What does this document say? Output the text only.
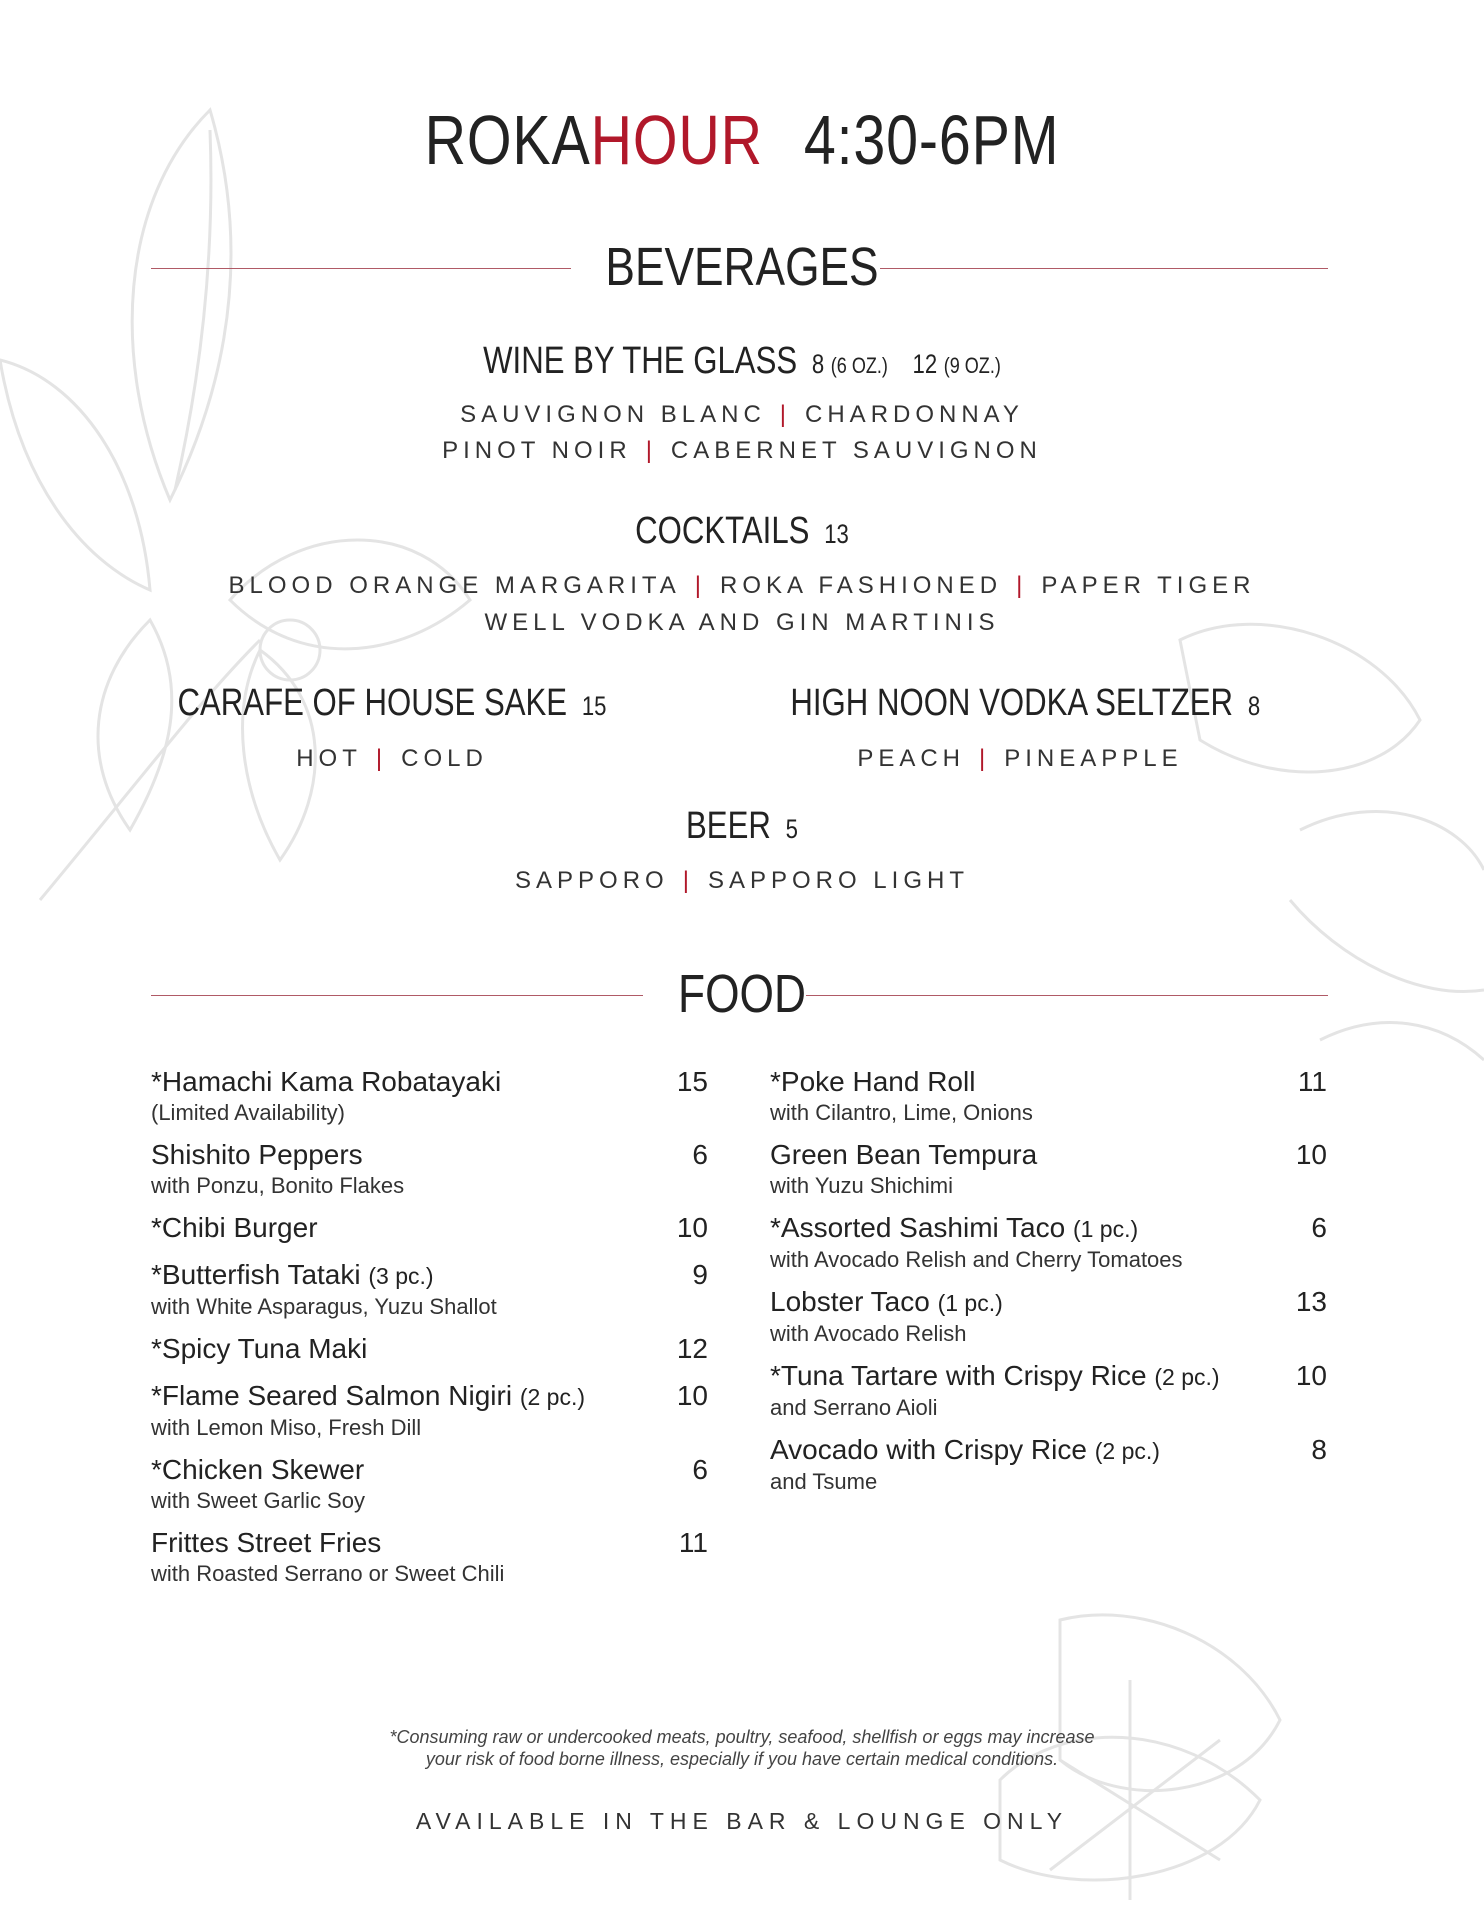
ROKAHOUR 4:30-6PM
BEVERAGES
WINE BY THE GLASS 8 (6 OZ.) 12 (9 OZ.)
SAUVIGNON BLANC | CHARDONNAY
PINOT NOIR | CABERNET SAUVIGNON
COCKTAILS 13
BLOOD ORANGE MARGARITA | ROKA FASHIONED | PAPER TIGER
WELL VODKA AND GIN MARTINIS
CARAFE OF HOUSE SAKE 15
HOT | COLD
HIGH NOON VODKA SELTZER 8
PEACH | PINEAPPLE
BEER 5
SAPPORO | SAPPORO LIGHT
FOOD
*Hamachi Kama Robatayaki
(Limited Availability)
15
Shishito Peppers
with Ponzu, Bonito Flakes
6
*Chibi Burger	10
*Butterfish Tataki (3 pc.)
with White Asparagus, Yuzu Shallot
9
*Spicy Tuna Maki	12
*Flame Seared Salmon Nigiri (2 pc.)
with Lemon Miso, Fresh Dill
10
*Chicken Skewer
with Sweet Garlic Soy
6
Frittes Street Fries
with Roasted Serrano or Sweet Chili
11
*Poke Hand Roll
with Cilantro, Lime, Onions
11
Green Bean Tempura
with Yuzu Shichimi
10
*Assorted Sashimi Taco (1 pc.)
with Avocado Relish and Cherry Tomatoes
6
Lobster Taco (1 pc.)
with Avocado Relish
13
*Tuna Tartare with Crispy Rice (2 pc.)
and Serrano Aioli
10
Avocado with Crispy Rice (2 pc.)
and Tsume
8
*Consuming raw or undercooked meats, poultry, seafood, shellfish or eggs may increase
your risk of food borne illness, especially if you have certain medical conditions.
AVAILABLE IN THE BAR & LOUNGE ONLY
